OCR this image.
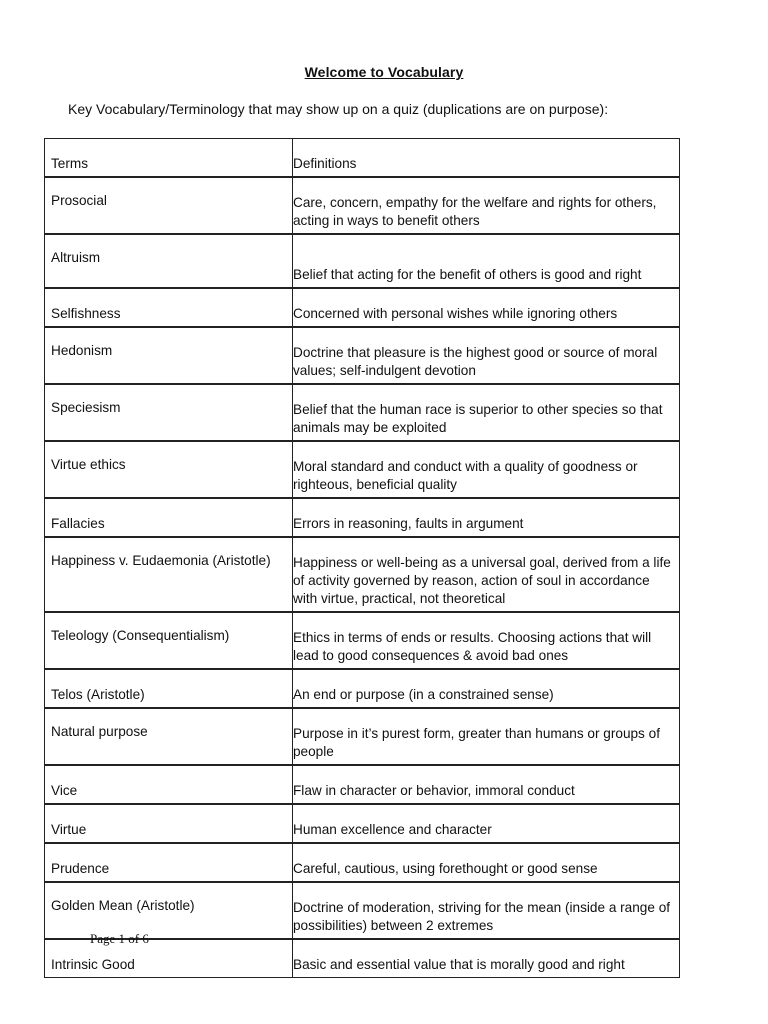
Welcome to Vocabulary
Key Vocabulary/Terminology that may show up on a quiz (duplications are on purpose):
Terms	Definitions
Prosocial	Care, concern, empathy for the welfare and rights for others, acting in ways to benefit others
Altruism	Belief that acting for the benefit of others is good and right
Selfishness	Concerned with personal wishes while ignoring others
Hedonism	Doctrine that pleasure is the highest good or source of moral values; self-indulgent devotion
Speciesism	Belief that the human race is superior to other species so that animals may be exploited
Virtue ethics	Moral standard and conduct with a quality of goodness or righteous, beneficial quality
Fallacies	Errors in reasoning, faults in argument
Happiness v. Eudaemonia (Aristotle)	Happiness or well-being as a universal goal, derived from a life of activity governed by reason, action of soul in accordance with virtue, practical, not theoretical
Teleology (Consequentialism)	Ethics in terms of ends or results. Choosing actions that will lead to good consequences & avoid bad ones
Telos (Aristotle)	An end or purpose (in a constrained sense)
Natural purpose	Purpose in it’s purest form, greater than humans or groups of people
Vice	Flaw in character or behavior, immoral conduct
Virtue	Human excellence and character
Prudence	Careful, cautious, using forethought or good sense
Golden Mean (Aristotle)	Doctrine of moderation, striving for the mean (inside a range of possibilities) between 2 extremes
Intrinsic Good	Basic and essential value that is morally good and right
Page 1 of 6
